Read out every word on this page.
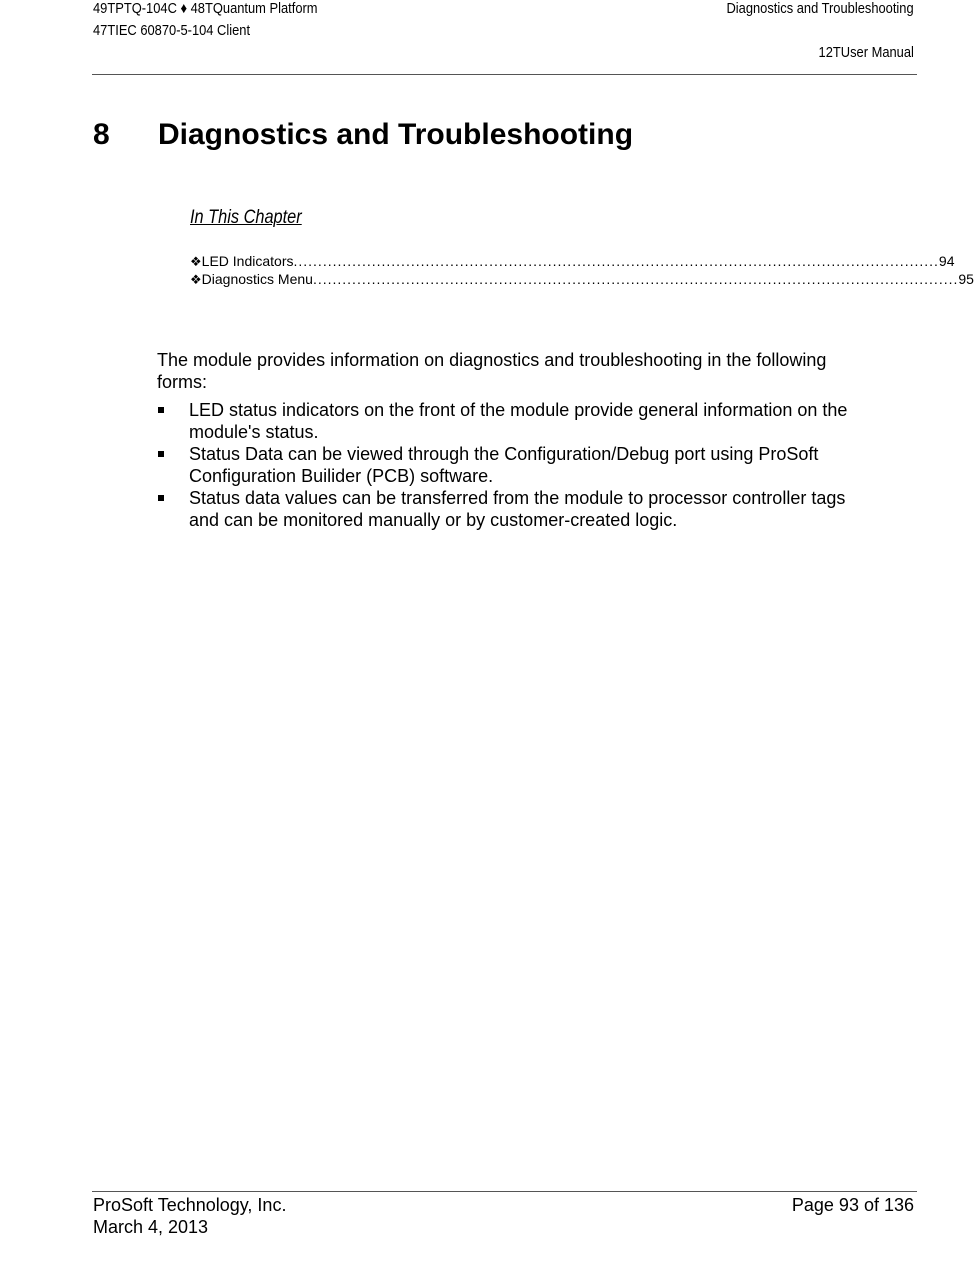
49TPTQ-104C ♦ 48TQuantum Platform
47TIEC 60870-5-104 Client
Diagnostics and Troubleshooting
12TUser Manual
8 Diagnostics and Troubleshooting
In This Chapter
❖ LED Indicators .................................................................................................................................... 94
❖ Diagnostics Menu .................................................................................................................................... 95
The module provides information on diagnostics and troubleshooting in the following forms:
LED status indicators on the front of the module provide general information on the module's status.
Status Data can be viewed through the Configuration/Debug port using ProSoft Configuration Builider (PCB) software.
Status data values can be transferred from the module to processor controller tags and can be monitored manually or by customer-created logic.
ProSoft Technology, Inc.
March 4, 2013
Page 93 of 136
